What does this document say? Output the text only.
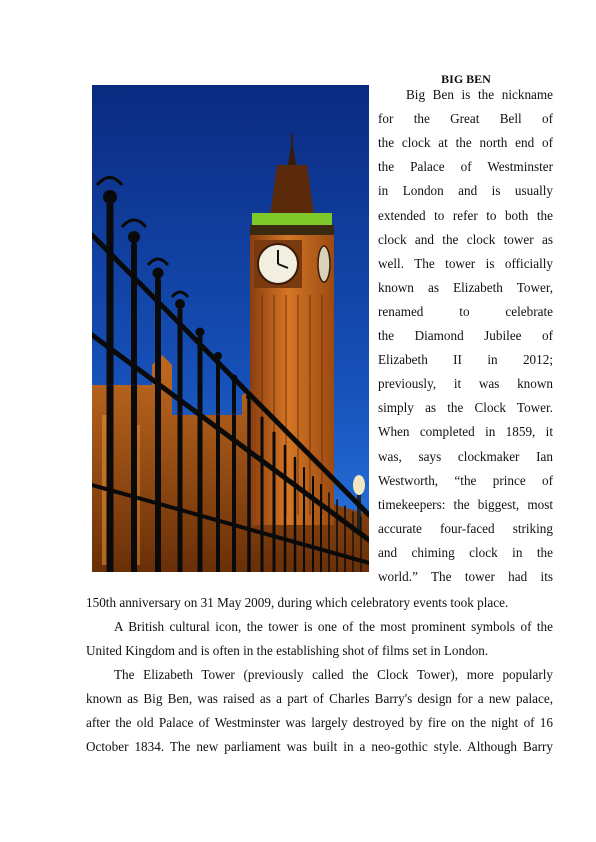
BIG BEN
Big Ben is the nickname
for the Great Bell of
the clock at the north end of
the Palace of Westminster
in London and is usually
extended to refer to both the
clock and the clock tower as
well. The tower is officially
known as Elizabeth Tower,
renamed to celebrate
the Diamond Jubilee of
Elizabeth II in 2012;
previously, it was known
simply as the Clock Tower.
When completed in 1859, it
was, says clockmaker Ian
Westworth, “the prince of
timekeepers: the biggest, most
accurate four-faced striking
and chiming clock in the
world.” The tower had its
150th anniversary on 31 May 2009, during which celebratory events took place.
A British cultural icon, the tower is one of the most prominent symbols of the
United Kingdom and is often in the establishing shot of films set in London.
The Elizabeth Tower (previously called the Clock Tower), more popularly
known as Big Ben, was raised as a part of Charles Barry's design for a new palace,
after the old Palace of Westminster was largely destroyed by fire on the night of 16
October 1834. The new parliament was built in a neo-gothic style. Although Barry
